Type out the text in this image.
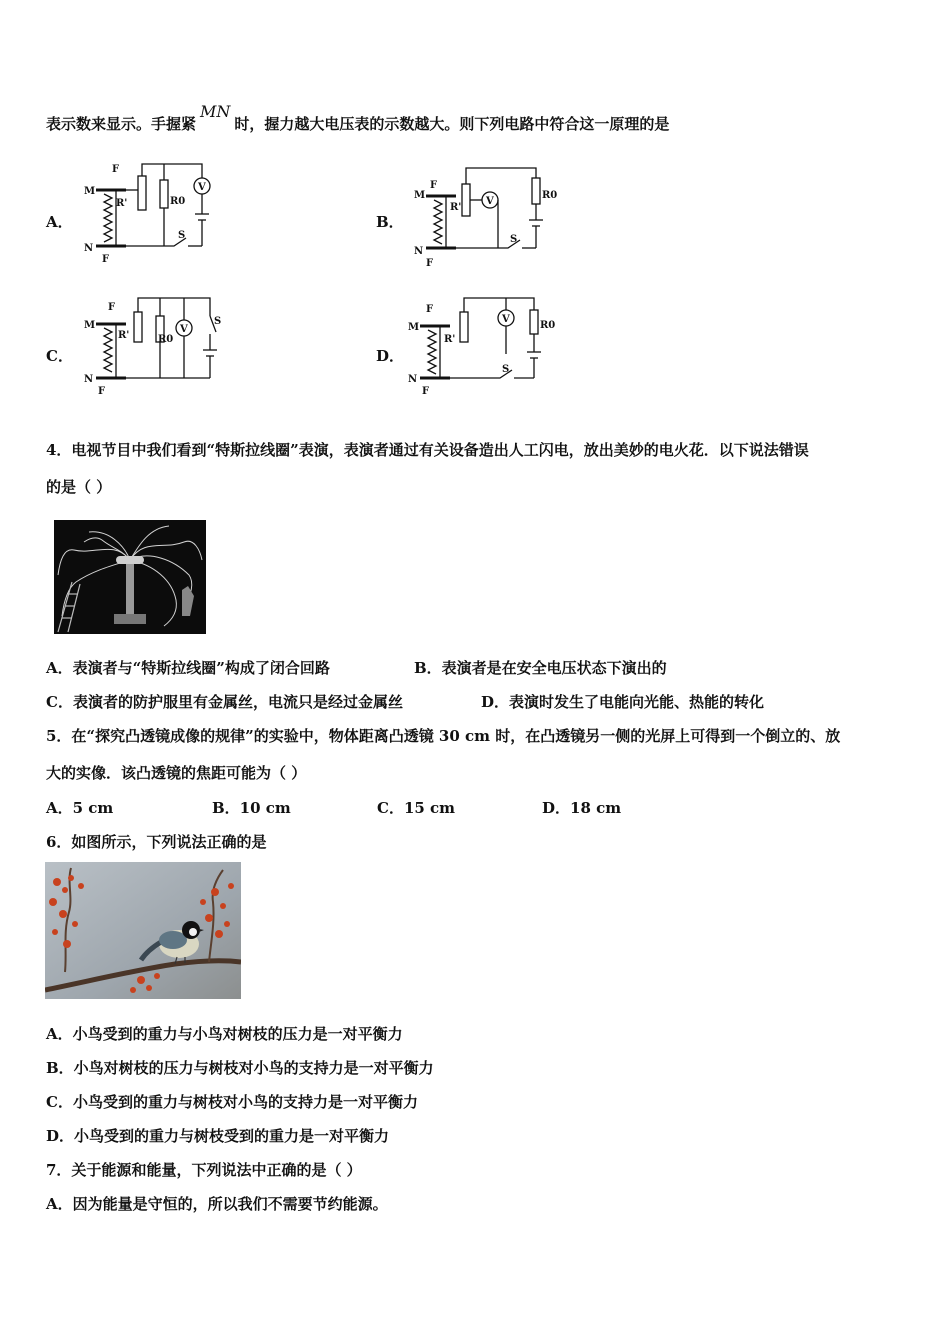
表示数来显示。手握紧MN时，握力越大电压表的示数越大。则下列电路中符合这一原理的是
A．	B．
C．	D．
F
M
R'
N
F
V
R0
S
F
M
R'
N
F
V
R0
S
F
M
R'
N
F
R0
V
S
F
M
R'
N
F
V
R0
S
4．电视节目中我们看到“特斯拉线圈”表演，表演者通过有关设备造出人工闪电，放出美妙的电火花．以下说法错误
的是（ ）
A．表演者与“特斯拉线圈”构成了闭合回路	B．表演者是在安全电压状态下演出的
C．表演者的防护服里有金属丝，电流只是经过金属丝	D．表演时发生了电能向光能、热能的转化
5．在“探究凸透镜成像的规律”的实验中，物体距离凸透镜 30 cm 时，在凸透镜另一侧的光屏上可得到一个倒立的、放
大的实像．该凸透镜的焦距可能为（ ）
A．5 cm	B．10 cm	C．15 cm	D．18 cm
6．如图所示，下列说法正确的是
A．小鸟受到的重力与小鸟对树枝的压力是一对平衡力
B．小鸟对树枝的压力与树枝对小鸟的支持力是一对平衡力
C．小鸟受到的重力与树枝对小鸟的支持力是一对平衡力
D．小鸟受到的重力与树枝受到的重力是一对平衡力
7．关于能源和能量，下列说法中正确的是（ ）
A．因为能量是守恒的，所以我们不需要节约能源。
